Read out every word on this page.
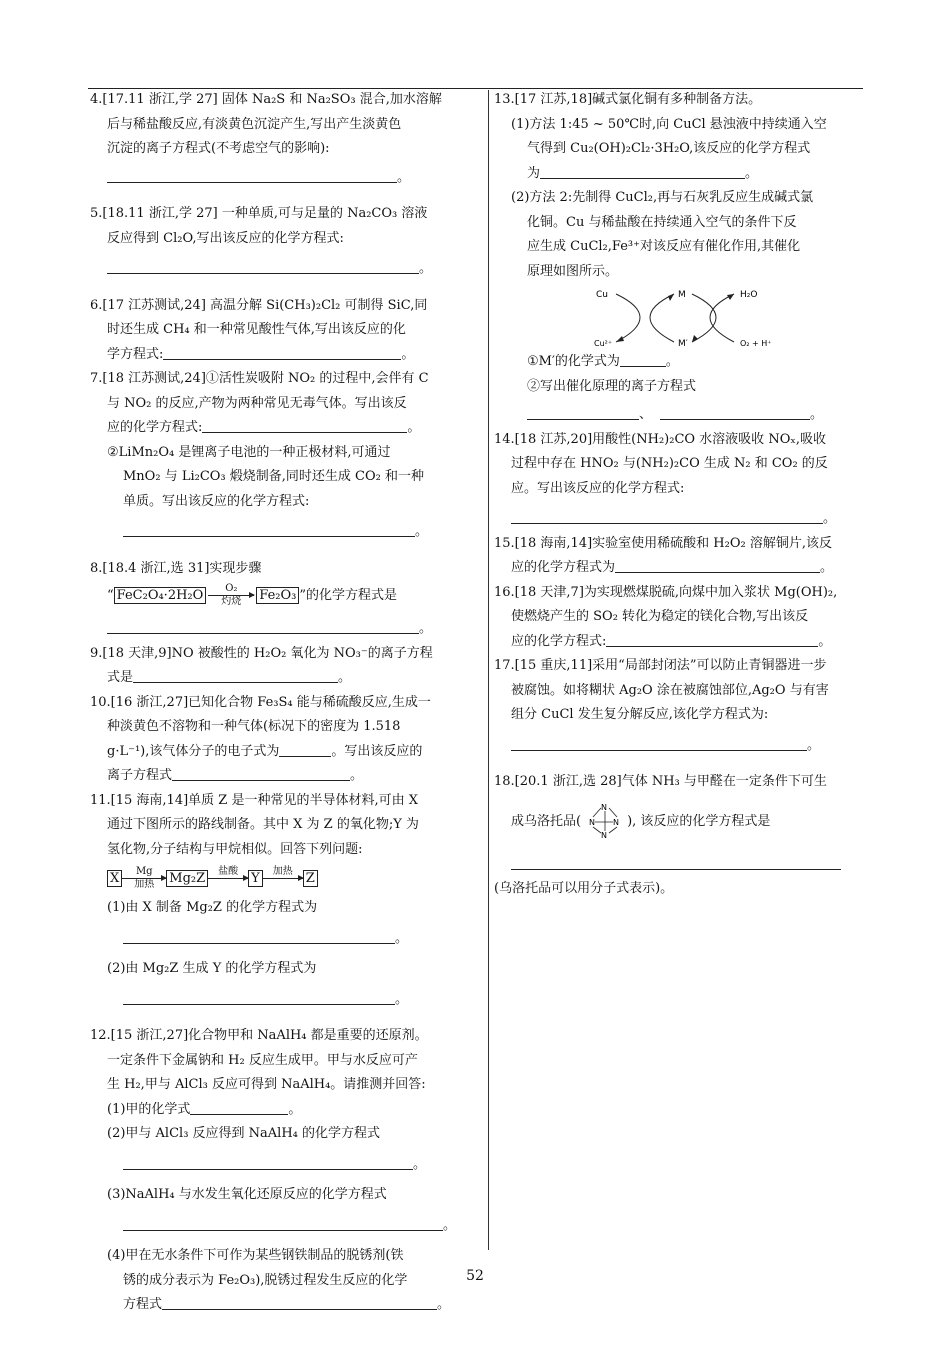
4.[17.11 浙江,学 27] 固体 Na₂S 和 Na₂SO₃ 混合,加水溶解
后与稀盐酸反应,有淡黄色沉淀产生,写出产生淡黄色
沉淀的离子方程式(不考虑空气的影响):
。
5.[18.11 浙江,学 27] 一种单质,可与足量的 Na₂CO₃ 溶液
反应得到 Cl₂O,写出该反应的化学方程式:
。
6.[17 江苏测试,24] 高温分解 Si(CH₃)₂Cl₂ 可制得 SiC,同
时还生成 CH₄ 和一种常见酸性气体,写出该反应的化
学方程式:	。
7.[18 江苏测试,24]①活性炭吸附 NO₂ 的过程中,会伴有 C
与 NO₂ 的反应,产物为两种常见无毒气体。写出该反
应的化学方程式:	。
②LiMn₂O₄ 是锂离子电池的一种正极材料,可通过
MnO₂ 与 Li₂CO₃ 煅烧制备,同时还生成 CO₂ 和一种
单质。写出该反应的化学方程式:
。
8.[18.4 浙江,选 31]实现步骤
“ FeC₂O₄·2H₂O	O₂
灼烧	Fe₂O₃ ”的化学方程式是
。
9.[18 天津,9]NO 被酸性的 H₂O₂ 氧化为 NO₃⁻的离子方程
式是	。
10.[16 浙江,27]已知化合物 Fe₃S₄ 能与稀硫酸反应,生成一
种淡黄色不溶物和一种气体(标况下的密度为 1.518
g·L⁻¹),该气体分子的电子式为	。写出该反应的
离子方程式	。
11.[15 海南,14]单质 Z 是一种常见的半导体材料,可由 X
通过下图所示的路线制备。其中 X 为 Z 的氧化物;Y 为
氢化物,分子结构与甲烷相似。回答下列问题:
X	Mg
加热	Mg₂Z	盐酸
	Y	加热
	Z
(1)由 X 制备 Mg₂Z 的化学方程式为
。
(2)由 Mg₂Z 生成 Y 的化学方程式为
。
12.[15 浙江,27]化合物甲和 NaAlH₄ 都是重要的还原剂。
一定条件下金属钠和 H₂ 反应生成甲。甲与水反应可产
生 H₂,甲与 AlCl₃ 反应可得到 NaAlH₄。请推测并回答:
(1)甲的化学式	。
(2)甲与 AlCl₃ 反应得到 NaAlH₄ 的化学方程式
。
(3)NaAlH₄ 与水发生氧化还原反应的化学方程式
。
(4)甲在无水条件下可作为某些钢铁制品的脱锈剂(铁
锈的成分表示为 Fe₂O₃),脱锈过程发生反应的化学
方程式	。
13.[17 江苏,18]碱式氯化铜有多种制备方法。
(1)方法 1:45 ~ 50℃时,向 CuCl 悬浊液中持续通入空
气得到 Cu₂(OH)₂Cl₂·3H₂O,该反应的化学方程式
为	。
(2)方法 2:先制得 CuCl₂,再与石灰乳反应生成碱式氯
化铜。Cu 与稀盐酸在持续通入空气的条件下反
应生成 CuCl₂,Fe³⁺对该反应有催化作用,其催化
原理如图所示。
Cu	M	H₂O
Cu²⁺	M′	O₂ + H⁺
①M′的化学式为	。
②写出催化原理的离子方程式
、	。
14.[18 江苏,20]用酸性(NH₂)₂CO 水溶液吸收 NOₓ,吸收
过程中存在 HNO₂ 与(NH₂)₂CO 生成 N₂ 和 CO₂ 的反
应。写出该反应的化学方程式:
。
15.[18 海南,14]实验室使用稀硫酸和 H₂O₂ 溶解铜片,该反
应的化学方程式为	。
16.[18 天津,7]为实现燃煤脱硫,向煤中加入浆状 Mg(OH)₂,
使燃烧产生的 SO₂ 转化为稳定的镁化合物,写出该反
应的化学方程式:	。
17.[15 重庆,11]采用“局部封闭法”可以防止青铜器进一步
被腐蚀。如将糊状 Ag₂O 涂在被腐蚀部位,Ag₂O 与有害
组分 CuCl 发生复分解反应,该化学方程式为:
。
18.[20.1 浙江,选 28]气体 NH₃ 与甲醛在一定条件下可生
成乌洛托品(
N
N N
N
), 该反应的化学方程式是
(乌洛托品可以用分子式表示)。
52
